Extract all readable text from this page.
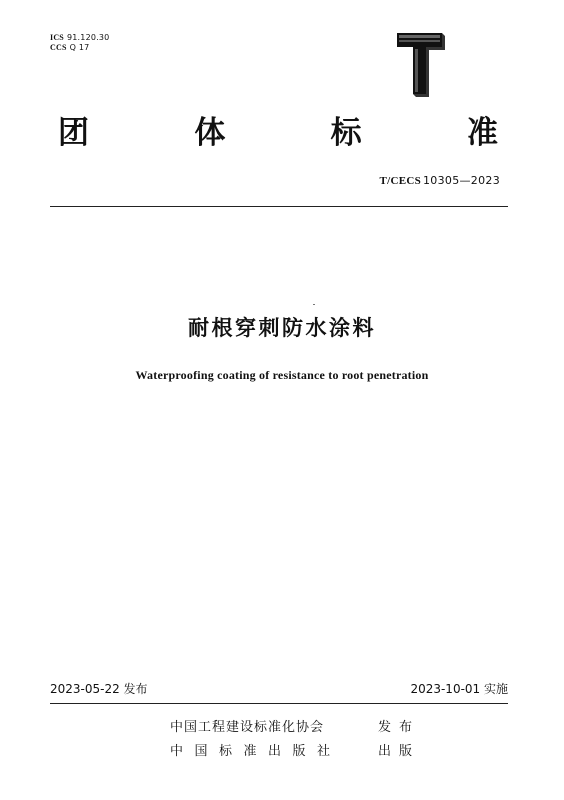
ICS 91.120.30
CCS Q 17
团	体	标	准
T/CECS 10305—2023
耐根穿刺防水涂料
Waterproofing coating of resistance to root penetration
2023-05-22 发布	2023-10-01 实施
中国工程建设标准化协会	发布
中国标准出版社	出版
